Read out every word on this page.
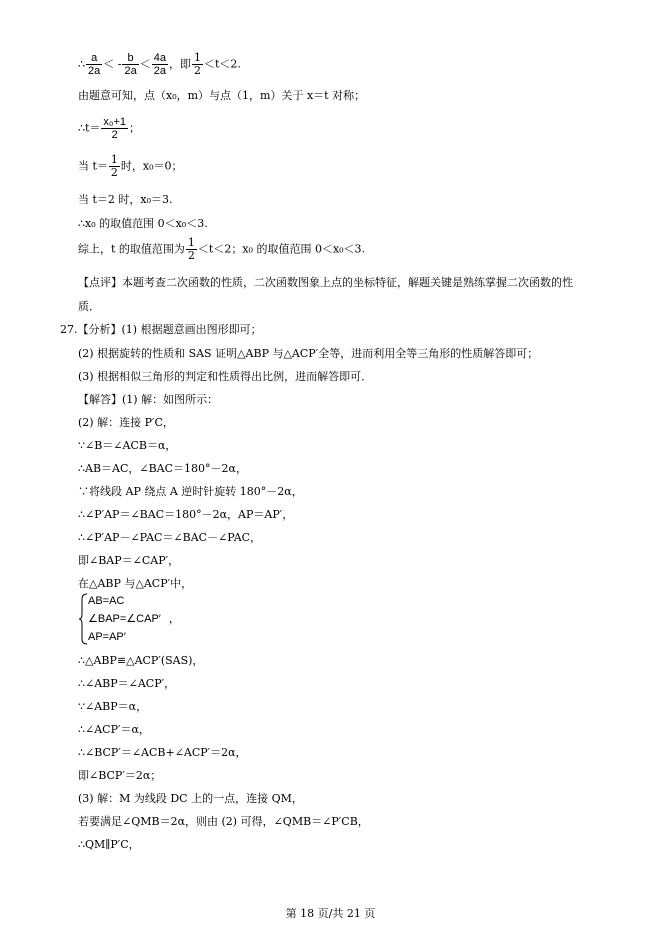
∴ $\frac{a}{2a}$ ＜ - $\frac{b}{2a} < \frac{4a}{2a}$ ，即 $\frac{1}{2} <t<2$.
由题意可知，点（x₀，m）与点（1，m）关于 x＝t 对称；
∴t＝ $\frac{\text{x₀+1}}{2}$ ；
当 $t= \frac{1}{2}$ 时，x₀＝0；
当 t＝2 时，x₀＝3.
∴x₀ 的取值范围 0＜x₀＜3.
综上，t 的取值范围为 $\frac{1}{2} <t<2$；x₀ 的取值范围 0＜x₀＜3.
【点评】本题考查二次函数的性质，二次函数图象上点的坐标特征，解题关键是熟练掌握二次函数的性
质．
27.【分析】(1) 根据题意画出图形即可；
(2) 根据旋转的性质和 SAS 证明△ABP 与△ACP′全等，进而利用全等三角形的性质解答即可；
(3) 根据相似三角形的判定和性质得出比例，进而解答即可．
【解答】(1) 解：如图所示：
(2) 解：连接 P′C，
∵∠B＝∠ACB＝α，
∴AB＝AC，∠BAC＝180°－2α，
∵将线段 AP 绕点 A 逆时针旋转 180°－2α，
∴∠P′AP＝∠BAC＝180°－2α，AP＝AP′，
∴∠P′AP－∠PAC＝∠BAC－∠PAC，
即∠BAP＝∠CAP′，
在△ABP 与△ACP′中，
AB=AC
∠BAP=∠CAP′ ，
AP=AP′
∴△ABP≌△ACP′(SAS)，
∴∠ABP＝∠ACP′，
∵∠ABP＝α，
∴∠ACP′＝α，
∴∠BCP′＝∠ACB+∠ACP′＝2α，
即∠BCP′＝2α；
(3) 解：M 为线段 DC 上的一点，连接 QM，
若要满足∠QMB＝2α，则由 (2) 可得，∠QMB＝∠P′CB，
∴QM∥P′C，
第 18 页/共 21 页
